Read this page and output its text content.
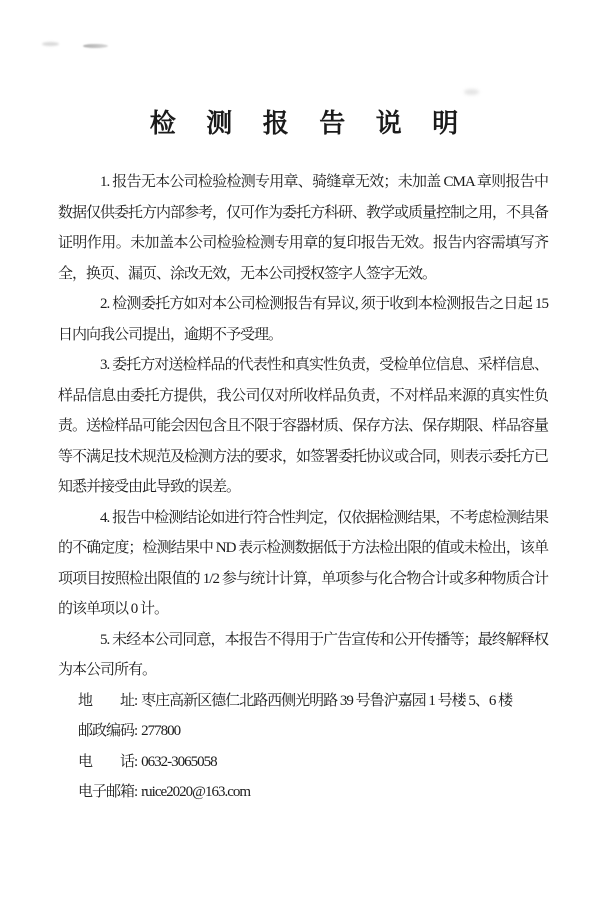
检 测 报 告 说 明

1. 报告无本公司检验检测专用章、骑缝章无效；未加盖 CMA 章则报告中数据仅供委托方内部参考，仅可作为委托方科研、教学或质量控制之用，不具备证明作用。未加盖本公司检验检测专用章的复印报告无效。报告内容需填写齐全，换页、漏页、涂改无效，无本公司授权签字人签字无效。

2. 检测委托方如对本公司检测报告有异议, 须于收到本检测报告之日起 15 日内向我公司提出，逾期不予受理。

3. 委托方对送检样品的代表性和真实性负责，受检单位信息、采样信息、样品信息由委托方提供，我公司仅对所收样品负责，不对样品来源的真实性负责。送检样品可能会因包含且不限于容器材质、保存方法、保存期限、样品容量等不满足技术规范及检测方法的要求，如签署委托协议或合同，则表示委托方已知悉并接受由此导致的误差。

4. 报告中检测结论如进行符合性判定，仅依据检测结果，不考虑检测结果的不确定度；检测结果中 ND 表示检测数据低于方法检出限的值或未检出，该单项项目按照检出限值的 1/2 参与统计计算，单项参与化合物合计或多种物质合计的该单项以 0 计。

5. 未经本公司同意，本报告不得用于广告宣传和公开传播等；最终解释权为本公司所有。

地　　址: 枣庄高新区德仁北路西侧光明路 39 号鲁沪嘉园 1 号楼 5、6 楼

邮政编码: 277800

电　　话: 0632-3065058

电子邮箱: ruice2020@163.com
